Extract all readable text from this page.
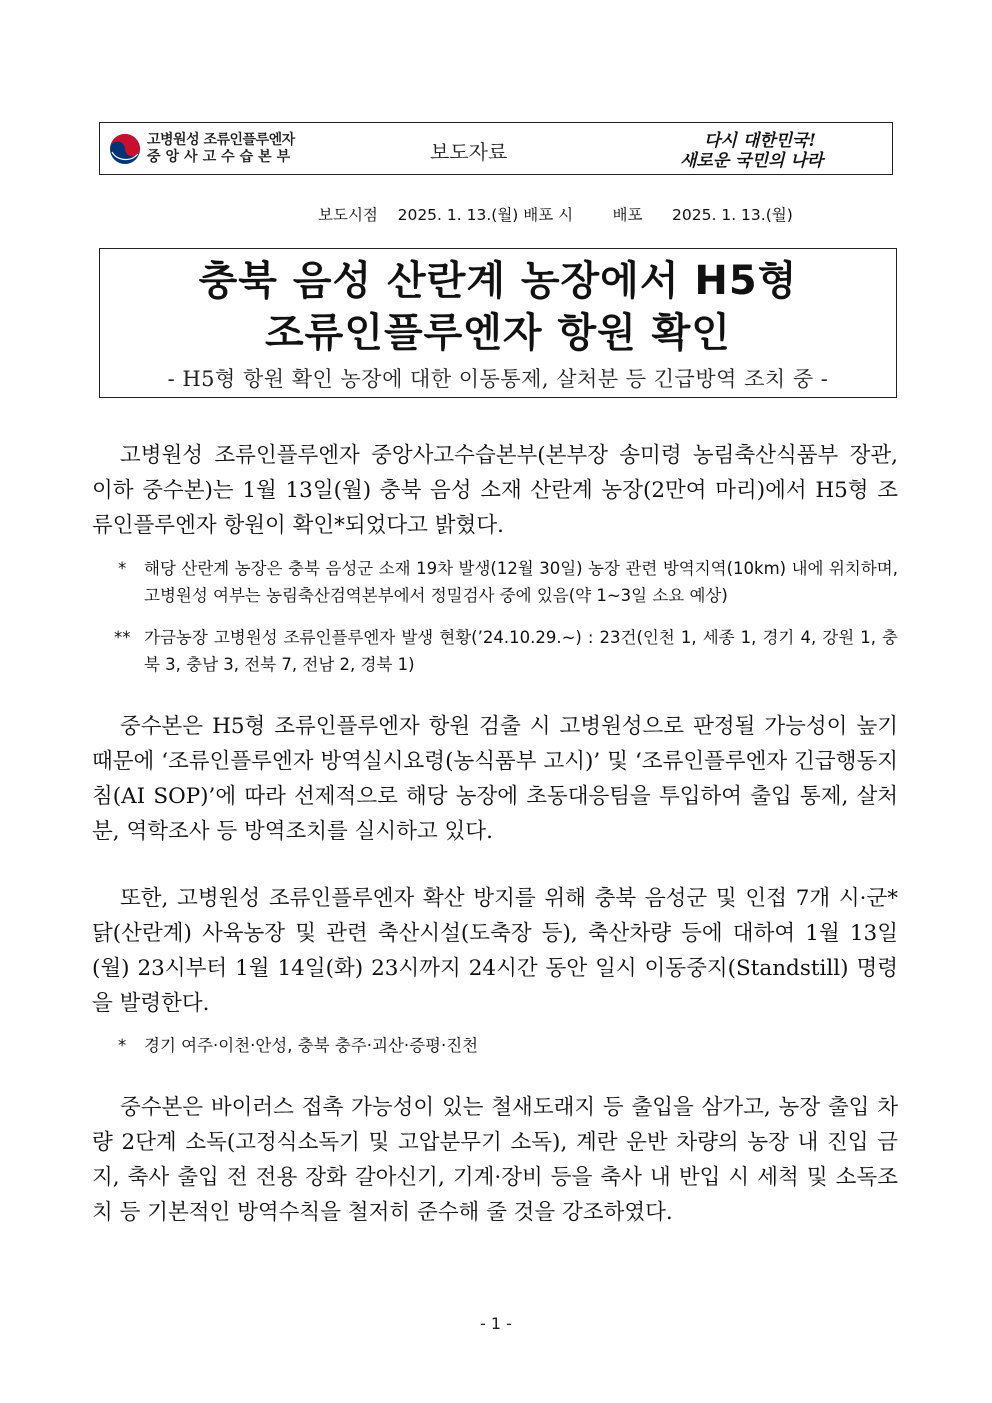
고병원성 조류인플루엔자
중앙사고수습본부	보도자료	다시 대한민국!
새로운 국민의 나라
보도시점    2025. 1. 13.(월) 배포 시        배포      2025. 1. 13.(월)
충북 음성 산란계 농장에서 H5형
조류인플루엔자 항원 확인
- H5형 항원 확인 농장에 대한 이동통제, 살처분 등 긴급방역 조치 중 -

고병원성 조류인플루엔자 중앙사고수습본부(본부장 송미령 농림축산식품부 장관, 이하 중수본)는 1월 13일(월) 충북 음성 소재 산란계 농장(2만여 마리)에서 H5형 조류인플루엔자 항원이 확인*되었다고 밝혔다.

* 해당 산란계 농장은 충북 음성군 소재 19차 발생(12월 30일) 농장 관련 방역지역(10km) 내에 위치하며, 고병원성 여부는 농림축산검역본부에서 정밀검사 중에 있음(약 1~3일 소요 예상)

** 가금농장 고병원성 조류인플루엔자 발생 현황(’24.10.29.~) : 23건(인천 1, 세종 1, 경기 4, 강원 1, 충북 3, 충남 3, 전북 7, 전남 2, 경북 1)

중수본은 H5형 조류인플루엔자 항원 검출 시 고병원성으로 판정될 가능성이 높기 때문에 ‘조류인플루엔자 방역실시요령(농식품부 고시)’ 및 ‘조류인플루엔자 긴급행동지침(AI SOP)’에 따라 선제적으로 해당 농장에 초동대응팀을 투입하여 출입 통제, 살처분, 역학조사 등 방역조치를 실시하고 있다.

또한, 고병원성 조류인플루엔자 확산 방지를 위해 충북 음성군 및 인접 7개 시·군* 닭(산란계) 사육농장 및 관련 축산시설(도축장 등), 축산차량 등에 대하여 1월 13일(월) 23시부터 1월 14일(화) 23시까지 24시간 동안 일시 이동중지(Standstill) 명령을 발령한다.

* 경기 여주·이천·안성, 충북 충주·괴산·증평·진천

중수본은 바이러스 접촉 가능성이 있는 철새도래지 등 출입을 삼가고, 농장 출입 차량 2단계 소독(고정식소독기 및 고압분무기 소독), 계란 운반 차량의 농장 내 진입 금지, 축사 출입 전 전용 장화 갈아신기, 기계·장비 등을 축사 내 반입 시 세척 및 소독조치 등 기본적인 방역수칙을 철저히 준수해 줄 것을 강조하였다.

- 1 -
